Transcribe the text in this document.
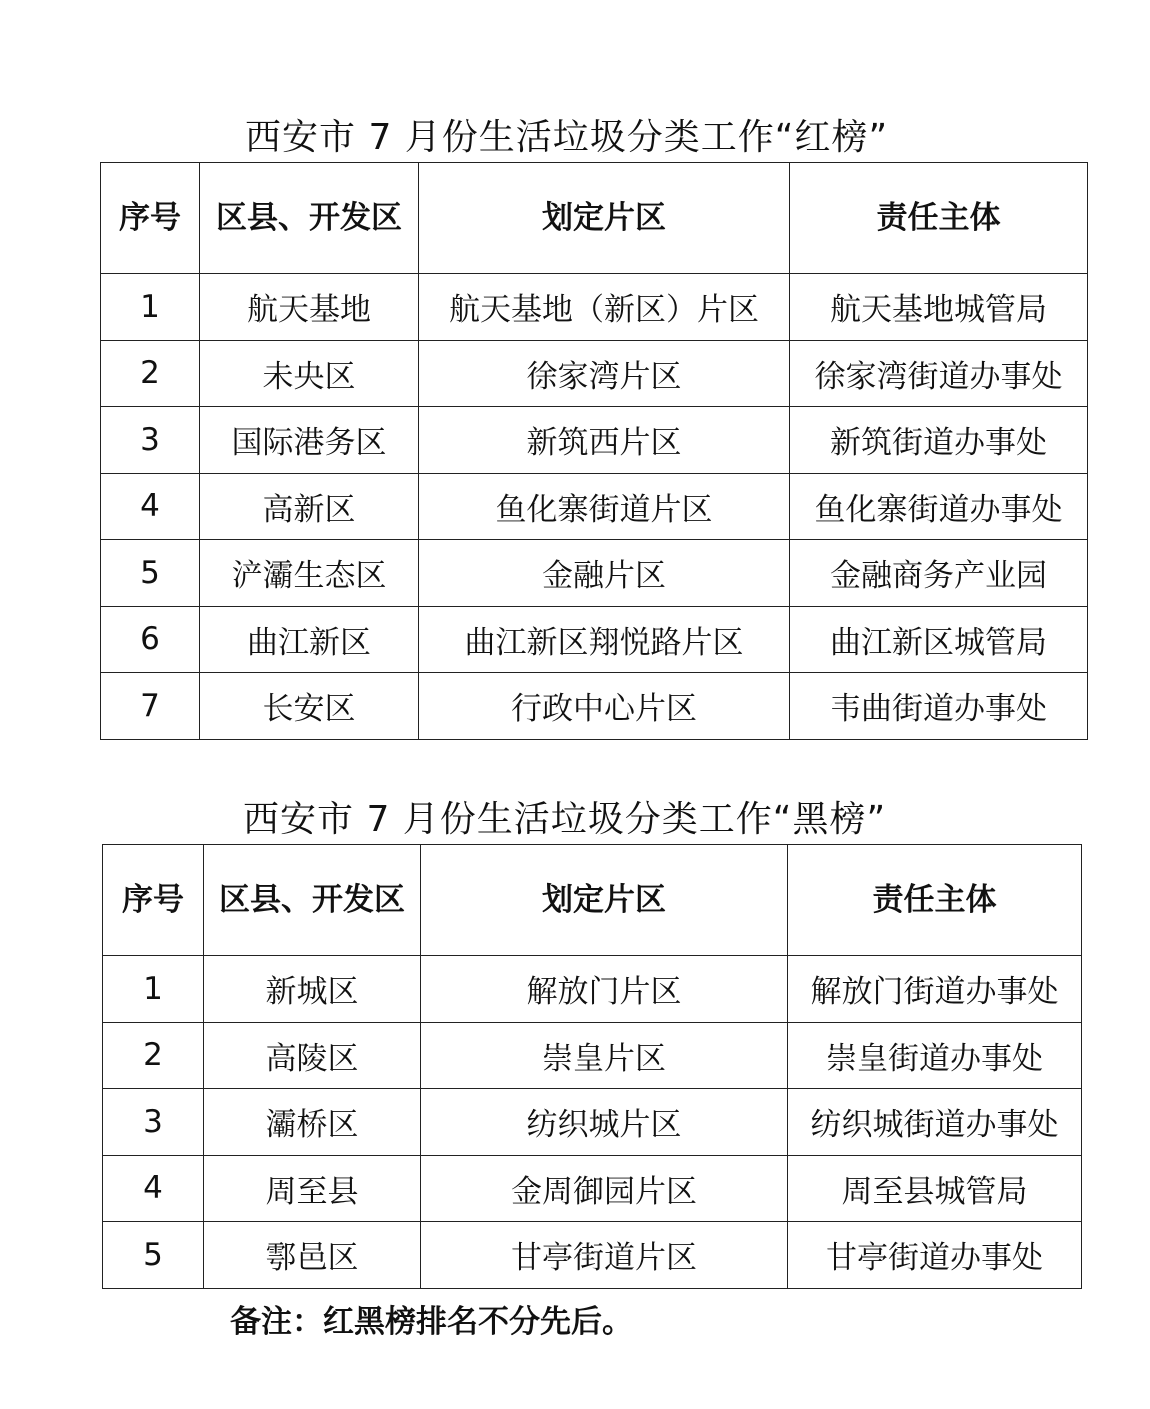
西安市 7 月份生活垃圾分类工作“红榜”
序号	区县、开发区	划定片区	责任主体
1	航天基地	航天基地（新区）片区	航天基地城管局
2	未央区	徐家湾片区	徐家湾街道办事处
3	国际港务区	新筑西片区	新筑街道办事处
4	高新区	鱼化寨街道片区	鱼化寨街道办事处
5	浐灞生态区	金融片区	金融商务产业园
6	曲江新区	曲江新区翔悦路片区	曲江新区城管局
7	长安区	行政中心片区	韦曲街道办事处
西安市 7 月份生活垃圾分类工作“黑榜”
序号	区县、开发区	划定片区	责任主体
1	新城区	解放门片区	解放门街道办事处
2	高陵区	崇皇片区	崇皇街道办事处
3	灞桥区	纺织城片区	纺织城街道办事处
4	周至县	金周御园片区	周至县城管局
5	鄠邑区	甘亭街道片区	甘亭街道办事处
备注：红黑榜排名不分先后。
